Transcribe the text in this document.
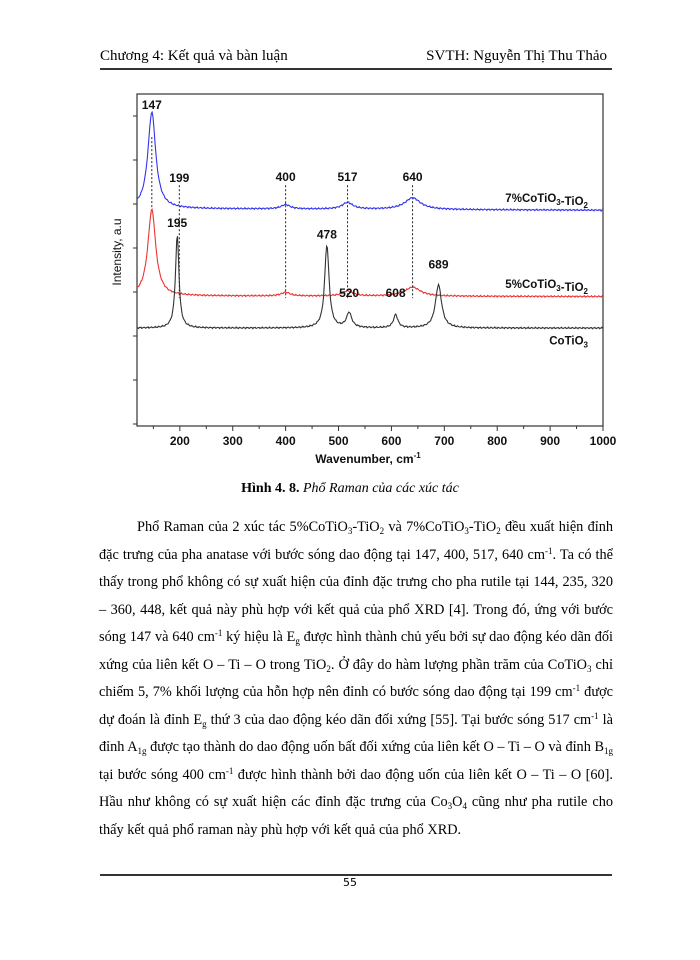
Chương 4: Kết quả và bàn luận	SVTH: Nguyễn Thị Thu Thảo
200	300	400	500	600	700	800	900 1000
Wavenumber, $cm^{-1}$
Intensity, a.u
147
199	400	517	640
195
478
520 608
689
7%CoTiO$_3$-TiO$_2$
5%CoTiO$_3$-TiO$_2$
CoTiO$_3$
Hình 4. 8. Phổ Raman của các xúc tác

Phổ Raman của 2 xúc tác 5%CoTiO$_3$-TiO$_2$ và 7%CoTiO$_3$-TiO$_2$ đều xuất hiện đỉnh đặc trưng của pha anatase với bước sóng dao động tại 147, 400, 517, 640 $cm^{-1}$. Ta có thể thấy trong phổ không có sự xuất hiện của đỉnh đặc trưng cho pha rutile tại 144, 235, 320 – 360, 448, kết quả này phù hợp với kết quả của phổ XRD [4]. Trong đó, ứng với bước sóng 147 và 640 $cm^{-1}$ ký hiệu là $E_g$ được hình thành chủ yếu bởi sự dao động kéo dãn đối xứng của liên kết O – Ti – O trong TiO$_2$. Ở đây do hàm lượng phần trăm của CoTiO$_3$ chỉ chiếm 5, 7% khối lượng của hỗn hợp nên đỉnh có bước sóng dao động tại 199 $cm^{-1}$ được dự đoán là đỉnh $E_g$ thứ 3 của dao động kéo dãn đối xứng [55]. Tại bước sóng 517 $cm^{-1}$ là đỉnh $A_{1g}$ được tạo thành do dao động uốn bất đối xứng của liên kết O – Ti – O và đỉnh $B_{1g}$ tại bước sóng 400 $cm^{-1}$ được hình thành bởi dao động uốn của liên kết O – Ti – O [60]. Hầu như không có sự xuất hiện các đỉnh đặc trưng của $Co_3O_4$ cũng như pha rutile cho thấy kết quả phổ raman này phù hợp với kết quả của phổ XRD.

55
